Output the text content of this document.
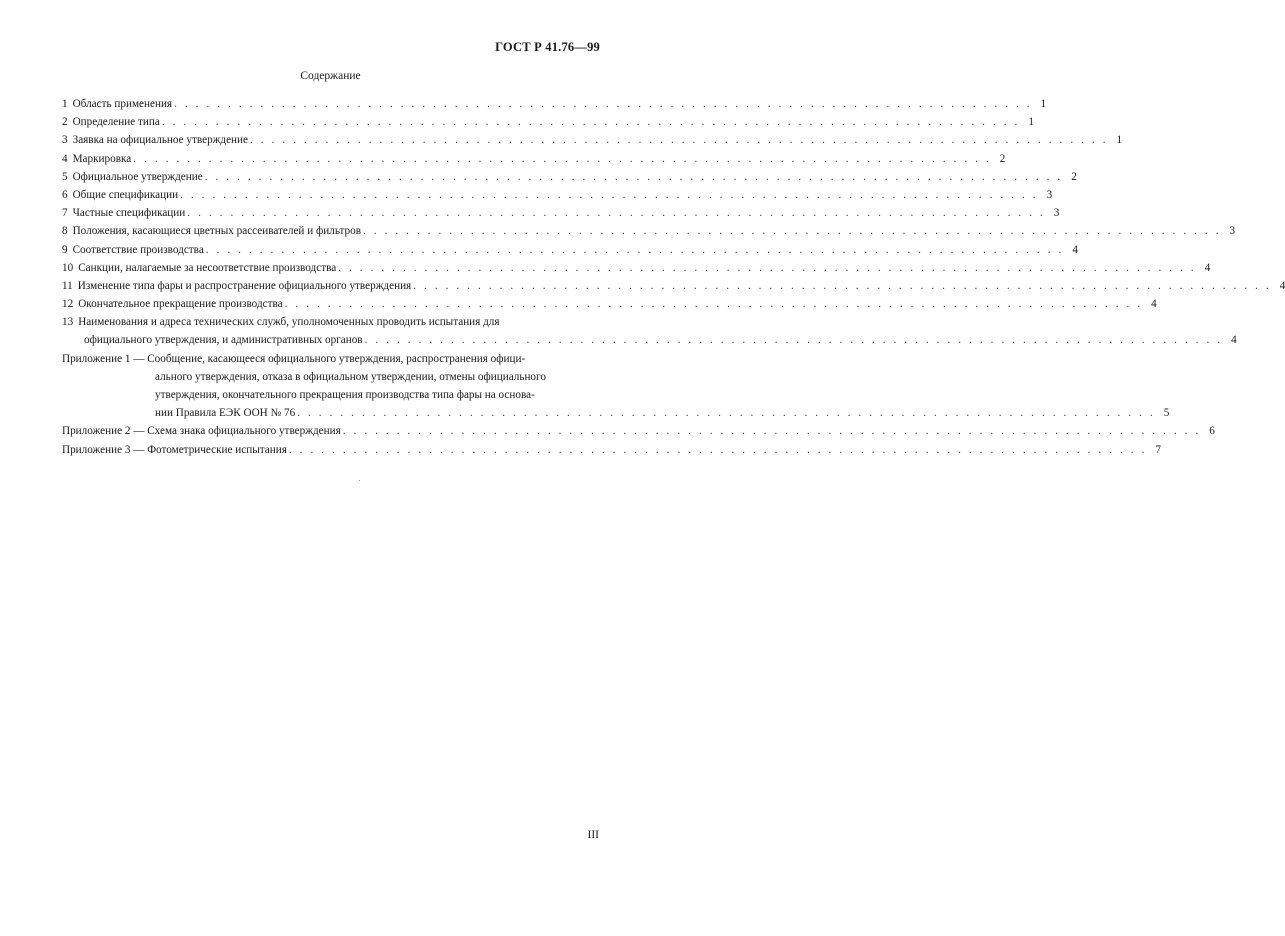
ГОСТ Р 41.76—99
Содержание
1 Область применения . . . . . . . . . . . . . . . . . . . . . . . . . . . . . . . . . . . . . . . . . . . . . . . . . . . . . . . . . . . . . . . . . . . . . . . . . . . . . . . . 1
2 Определение типа . . . . . . . . . . . . . . . . . . . . . . . . . . . . . . . . . . . . . . . . . . . . . . . . . . . . . . . . . . . . . . . . . . . . . . . . . . . . . . . . 1
3 Заявка на официальное утверждение . . . . . . . . . . . . . . . . . . . . . . . . . . . . . . . . . . . . . . . . . . . . . . . . . . . . . . . . . . . . . . . . . . . . . . . . . . . . . . . . 1
4 Маркировка . . . . . . . . . . . . . . . . . . . . . . . . . . . . . . . . . . . . . . . . . . . . . . . . . . . . . . . . . . . . . . . . . . . . . . . . . . . . . . . . 2
5 Официальное утверждение . . . . . . . . . . . . . . . . . . . . . . . . . . . . . . . . . . . . . . . . . . . . . . . . . . . . . . . . . . . . . . . . . . . . . . . . . . . . . . . . 2
6 Общие спецификации . . . . . . . . . . . . . . . . . . . . . . . . . . . . . . . . . . . . . . . . . . . . . . . . . . . . . . . . . . . . . . . . . . . . . . . . . . . . . . . . 3
7 Частные спецификации . . . . . . . . . . . . . . . . . . . . . . . . . . . . . . . . . . . . . . . . . . . . . . . . . . . . . . . . . . . . . . . . . . . . . . . . . . . . . . . . 3
8 Положения, касающиеся цветных рассеивателей и фильтров . . . . . . . . . . . . . . . . . . . . . . . . . . . . . . . . . . . . . . . . . . . . . . . . . . . . . . . . . . . . . . . . . . . . . . . . . . . . . . . . 3
9 Соответствие производства . . . . . . . . . . . . . . . . . . . . . . . . . . . . . . . . . . . . . . . . . . . . . . . . . . . . . . . . . . . . . . . . . . . . . . . . . . . . . . . . 4
10 Санкции, налагаемые за несоответствие производства . . . . . . . . . . . . . . . . . . . . . . . . . . . . . . . . . . . . . . . . . . . . . . . . . . . . . . . . . . . . . . . . . . . . . . . . . . . . . . . . 4
11 Изменение типа фары и распространение официального утверждения . . . . . . . . . . . . . . . . . . . . . . . . . . . . . . . . . . . . . . . . . . . . . . . . . . . . . . . . . . . . . . . . . . . . . . . . . . . . . . . . 4
12 Окончательное прекращение производства . . . . . . . . . . . . . . . . . . . . . . . . . . . . . . . . . . . . . . . . . . . . . . . . . . . . . . . . . . . . . . . . . . . . . . . . . . . . . . . . 4
13 Наименования и адреса технических служб, уполномоченных проводить испытания для
официального утверждения, и административных органов . . . . . . . . . . . . . . . . . . . . . . . . . . . . . . . . . . . . . . . . . . . . . . . . . . . . . . . . . . . . . . . . . . . . . . . . . . . . . . . . 4
Приложение 1 —
Сообщение, касающееся официального утверждения, распространения офици-
ального утверждения, отказа в официальном утверждении, отмены официального
утверждения, окончательного прекращения производства типа фары на основа-
нии Правила ЕЭК ООН № 76 . . . . . . . . . . . . . . . . . . . . . . . . . . . . . . . . . . . . . . . . . . . . . . . . . . . . . . . . . . . . . . . . . . . . . . . . . . . . . . . . 5
Приложение 2 —
Схема знака официального утверждения . . . . . . . . . . . . . . . . . . . . . . . . . . . . . . . . . . . . . . . . . . . . . . . . . . . . . . . . . . . . . . . . . . . . . . . . . . . . . . . . 6
Приложение 3 —
Фотометрические испытания . . . . . . . . . . . . . . . . . . . . . . . . . . . . . . . . . . . . . . . . . . . . . . . . . . . . . . . . . . . . . . . . . . . . . . . . . . . . . . . . 7
III
